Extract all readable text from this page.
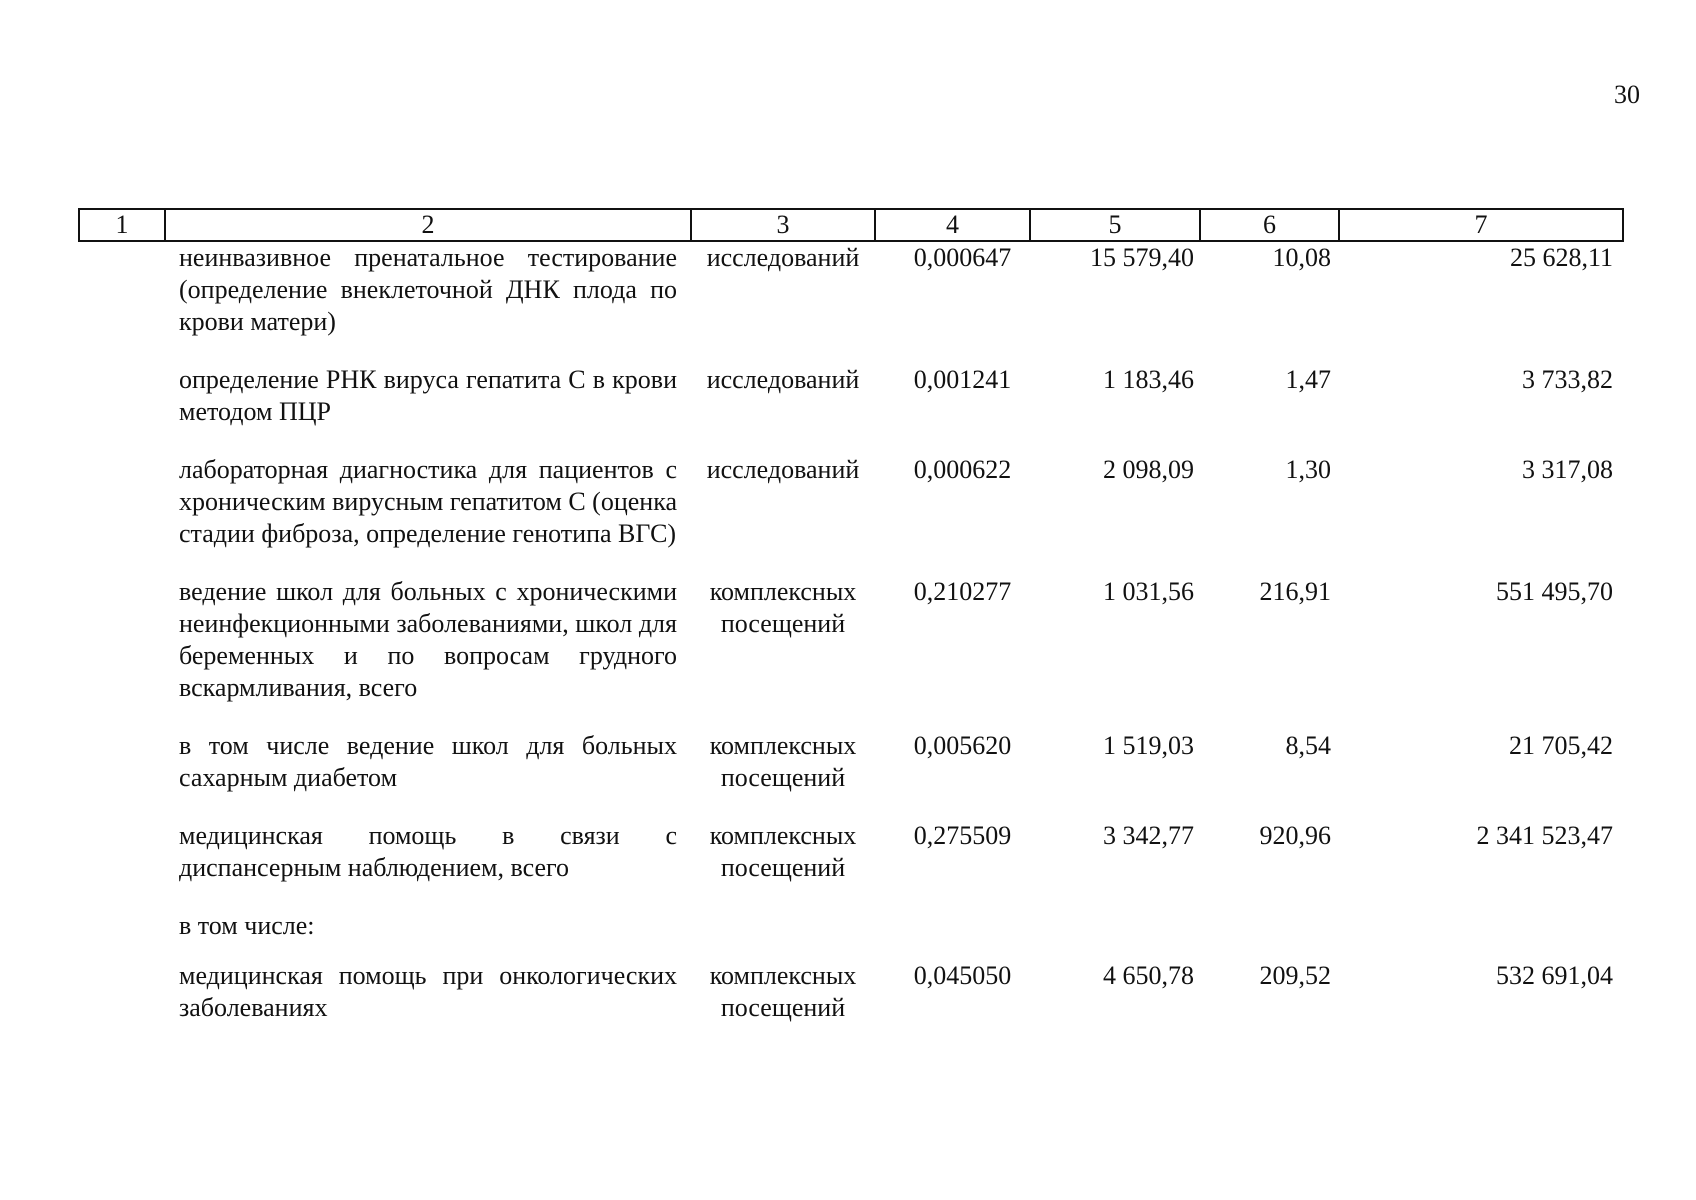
30
1	2	3	4	5	6	7
	неинвазивное пренатальное тестирование (определение внеклеточной ДНК плода по крови матери)	исследований	0,000647	15 579,40	10,08	25 628,11
	определение РНК вируса гепатита С в крови методом ПЦР	исследований	0,001241	1 183,46	1,47	3 733,82
	лабораторная диагностика для пациентов с хроническим вирусным гепатитом С (оценка стадии фиброза, определение генотипа ВГС)	исследований	0,000622	2 098,09	1,30	3 317,08
	ведение школ для больных с хроническими неинфекционными заболеваниями, школ для беременных и по вопросам грудного вскармливания, всего	комплексных посещений	0,210277	1 031,56	216,91	551 495,70
	в том числе ведение школ для больных сахарным диабетом	комплексных посещений	0,005620	1 519,03	8,54	21 705,42
	медицинская помощь в связи с диспансерным наблюдением, всего	комплексных посещений	0,275509	3 342,77	920,96	2 341 523,47
	в том числе:					
	медицинская помощь при онкологических заболеваниях	комплексных посещений	0,045050	4 650,78	209,52	532 691,04
